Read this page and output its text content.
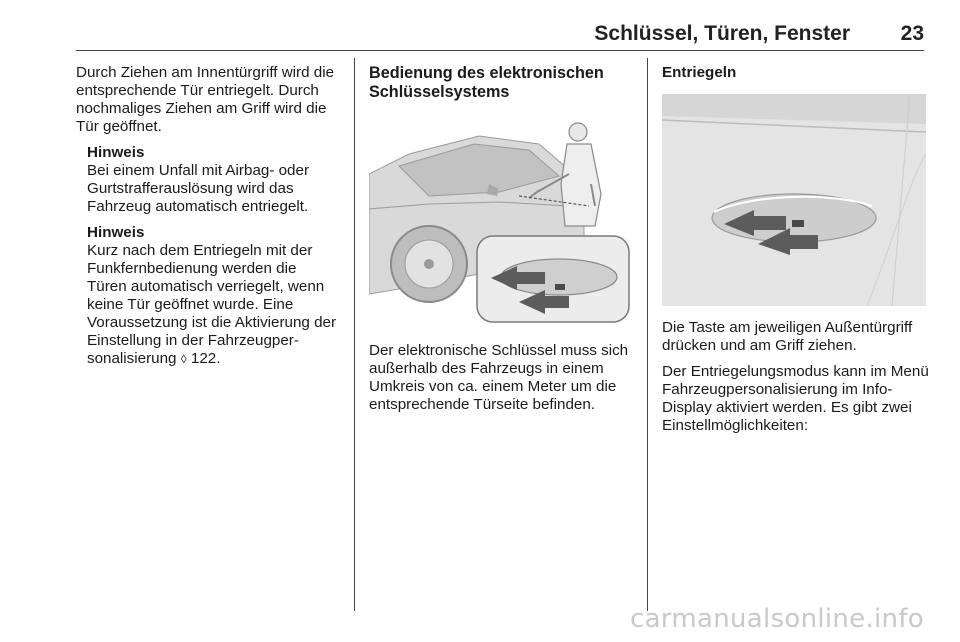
Schlüssel, Türen, Fenster 23

Durch Ziehen am Innentürgriff wird die entsprechende Tür entriegelt. Durch nochmaliges Ziehen am Griff wird die Tür geöffnet.

Hinweis

Bei einem Unfall mit Airbag- oder Gurtstrafferauslösung wird das Fahrzeug automatisch entriegelt.

Hinweis

Kurz nach dem Entriegeln mit der Funkfernbedienung werden die Türen automatisch verriegelt, wenn keine Tür geöffnet wurde. Eine Voraussetzung ist die Aktivierung der Einstellung in der Fahrzeugpersonalisierung ◊ 122.

Bedienung des elektronischen Schlüsselsystems

Der elektronische Schlüssel muss sich außerhalb des Fahrzeugs in einem Umkreis von ca. einem Meter um die entsprechende Türseite befinden.

Entriegeln

Die Taste am jeweiligen Außentürgriff drücken und am Griff ziehen.

Der Entriegelungsmodus kann im Menü Fahrzeugpersonalisierung im Info-Display aktiviert werden. Es gibt zwei Einstellmöglichkeiten:

carmanualsonline.info
